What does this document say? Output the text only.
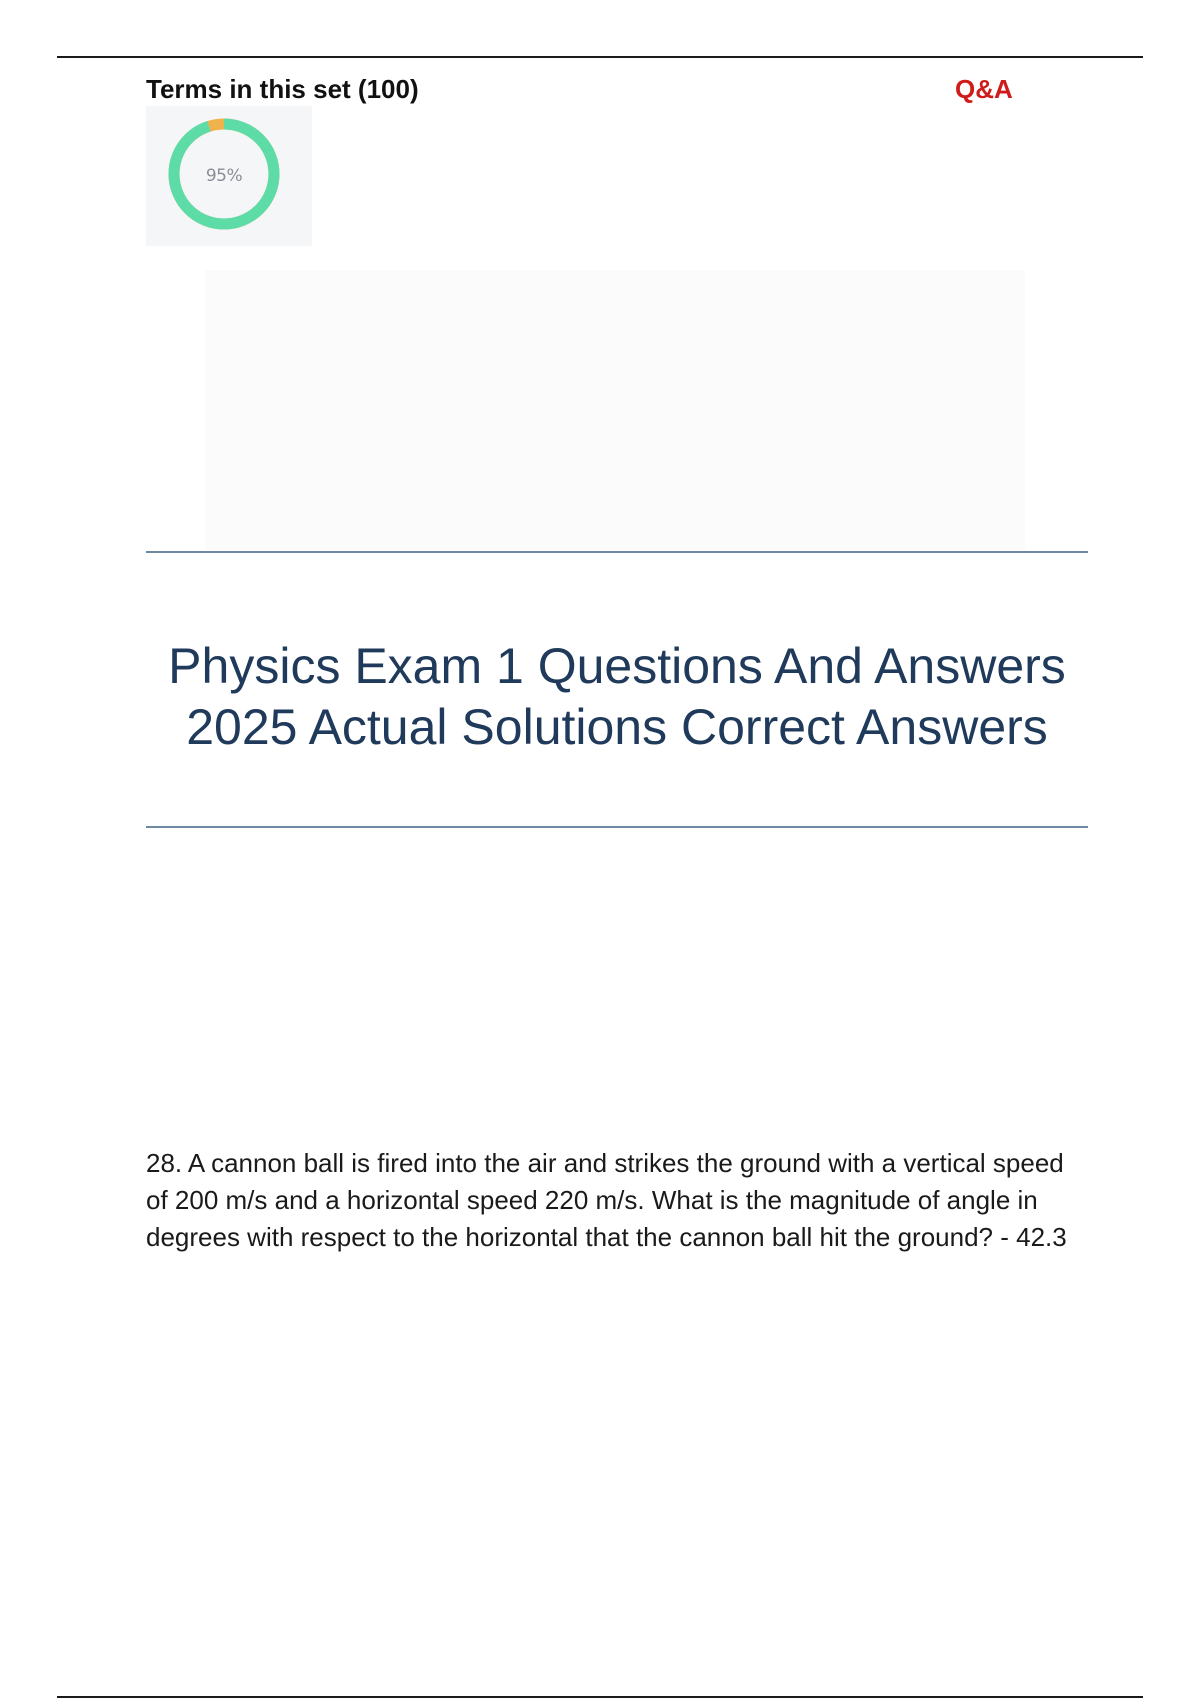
Terms in this set (100)	Q&A
95%
Physics Exam 1 Questions And Answers 2025 Actual Solutions Correct Answers

28. A cannon ball is fired into the air and strikes the ground with a vertical speed of 200 m/s and a horizontal speed 220 m/s. What is the magnitude of angle in degrees with respect to the horizontal that the cannon ball hit the ground? - 42.3
